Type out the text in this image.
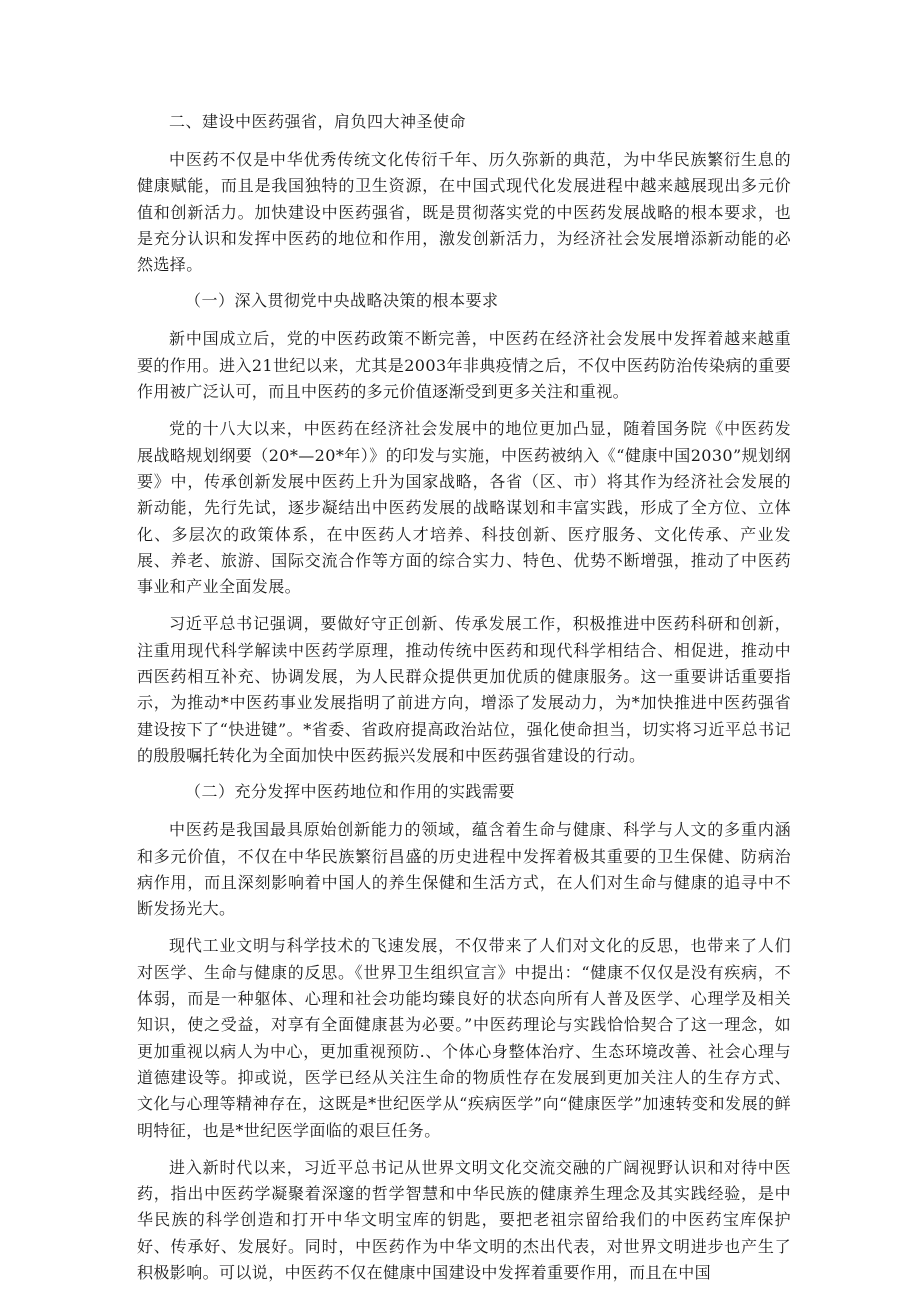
二、建设中医药强省，肩负四大神圣使命

中医药不仅是中华优秀传统文化传衍千年、历久弥新的典范，为中华民族繁衍生息的健康赋能，而且是我国独特的卫生资源，在中国式现代化发展进程中越来越展现出多元价值和创新活力。加快建设中医药强省，既是贯彻落实党的中医药发展战略的根本要求，也是充分认识和发挥中医药的地位和作用，激发创新活力，为经济社会发展增添新动能的必然选择。

（一）深入贯彻党中央战略决策的根本要求

新中国成立后，党的中医药政策不断完善，中医药在经济社会发展中发挥着越来越重要的作用。进入21世纪以来，尤其是2003年非典疫情之后，不仅中医药防治传染病的重要作用被广泛认可，而且中医药的多元价值逐渐受到更多关注和重视。

党的十八大以来，中医药在经济社会发展中的地位更加凸显，随着国务院《中医药发展战略规划纲要（20*—20*年）》的印发与实施，中医药被纳入《“健康中国2030”规划纲要》中，传承创新发展中医药上升为国家战略，各省（区、市）将其作为经济社会发展的新动能，先行先试，逐步凝结出中医药发展的战略谋划和丰富实践，形成了全方位、立体化、多层次的政策体系，在中医药人才培养、科技创新、医疗服务、文化传承、产业发展、养老、旅游、国际交流合作等方面的综合实力、特色、优势不断增强，推动了中医药事业和产业全面发展。

习近平总书记强调，要做好守正创新、传承发展工作，积极推进中医药科研和创新，注重用现代科学解读中医药学原理，推动传统中医药和现代科学相结合、相促进，推动中西医药相互补充、协调发展，为人民群众提供更加优质的健康服务。这一重要讲话重要指示，为推动*中医药事业发展指明了前进方向，增添了发展动力，为*加快推进中医药强省建设按下了“快进键”。*省委、省政府提高政治站位，强化使命担当，切实将习近平总书记的殷殷嘱托转化为全面加快中医药振兴发展和中医药强省建设的行动。

（二）充分发挥中医药地位和作用的实践需要

中医药是我国最具原始创新能力的领域，蕴含着生命与健康、科学与人文的多重内涵和多元价值，不仅在中华民族繁衍昌盛的历史进程中发挥着极其重要的卫生保健、防病治病作用，而且深刻影响着中国人的养生保健和生活方式，在人们对生命与健康的追寻中不断发扬光大。

现代工业文明与科学技术的飞速发展，不仅带来了人们对文化的反思，也带来了人们对医学、生命与健康的反思。《世界卫生组织宣言》中提出：“健康不仅仅是没有疾病，不体弱，而是一种躯体、心理和社会功能均臻良好的状态向所有人普及医学、心理学及相关知识，使之受益，对享有全面健康甚为必要。”中医药理论与实践恰恰契合了这一理念，如更加重视以病人为中心，更加重视预防.、个体心身整体治疗、生态环境改善、社会心理与道德建设等。抑或说，医学已经从关注生命的物质性存在发展到更加关注人的生存方式、文化与心理等精神存在，这既是*世纪医学从“疾病医学”向“健康医学”加速转变和发展的鲜明特征，也是*世纪医学面临的艰巨任务。

进入新时代以来，习近平总书记从世界文明文化交流交融的广阔视野认识和对待中医药，指出中医药学凝聚着深邃的哲学智慧和中华民族的健康养生理念及其实践经验，是中华民族的科学创造和打开中华文明宝库的钥匙，要把老祖宗留给我们的中医药宝库保护好、传承好、发展好。同时，中医药作为中华文明的杰出代表，对世界文明进步也产生了积极影响。可以说，中医药不仅在健康中国建设中发挥着重要作用，而且在中国
